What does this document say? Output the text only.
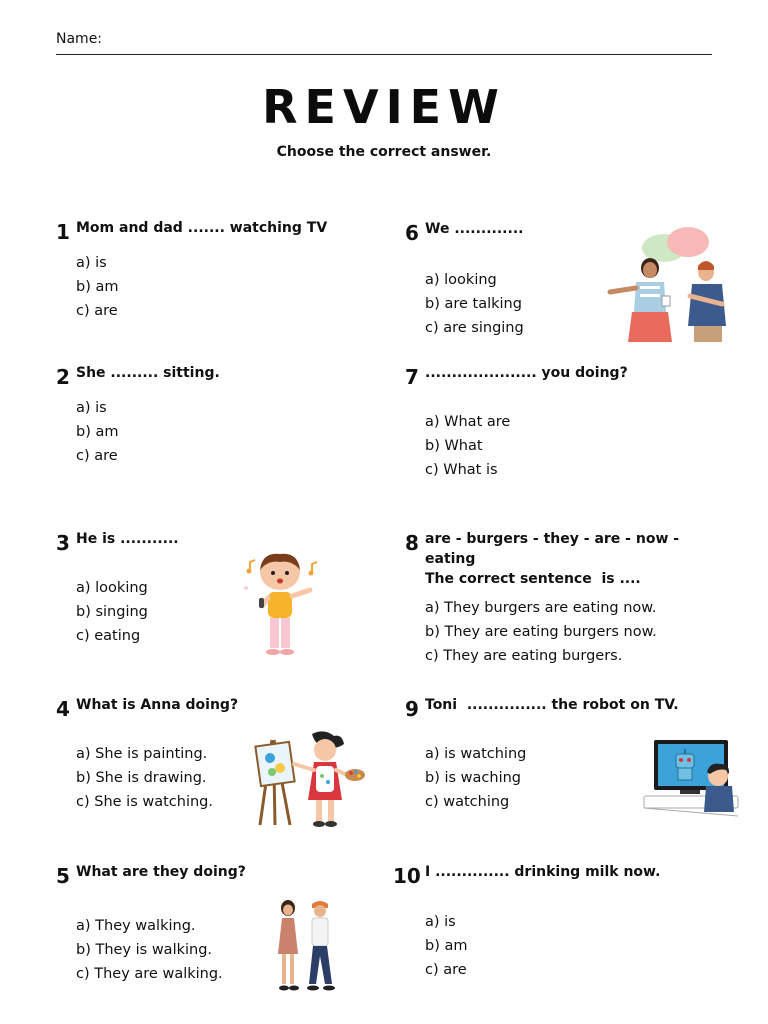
Name:
REVIEW
Choose the correct answer.
1 Mom and dad ....... watching TV
a) is
b) am
c) are
2 She ......... sitting.
a) is
b) am
c) are
3 He is ...........
a) looking
b) singing
c) eating
4 What is Anna doing?
a) She is painting.
b) She is drawing.
c) She is watching.
5 What are they doing?
a) They walking.
b) They is walking.
c) They are walking.
6 We .............
a) looking
b) are talking
c) are singing
7 ..................... you doing?
a) What are
b) What
c) What is
8 are - burgers - they - are - now -
eating
The correct sentence  is ....
a) They burgers are eating now.
b) They are eating burgers now.
c) They are eating burgers.
9 Toni  ............... the robot on TV.
a) is watching
b) is waching
c) watching
10 I .............. drinking milk now.
a) is
b) am
c) are
